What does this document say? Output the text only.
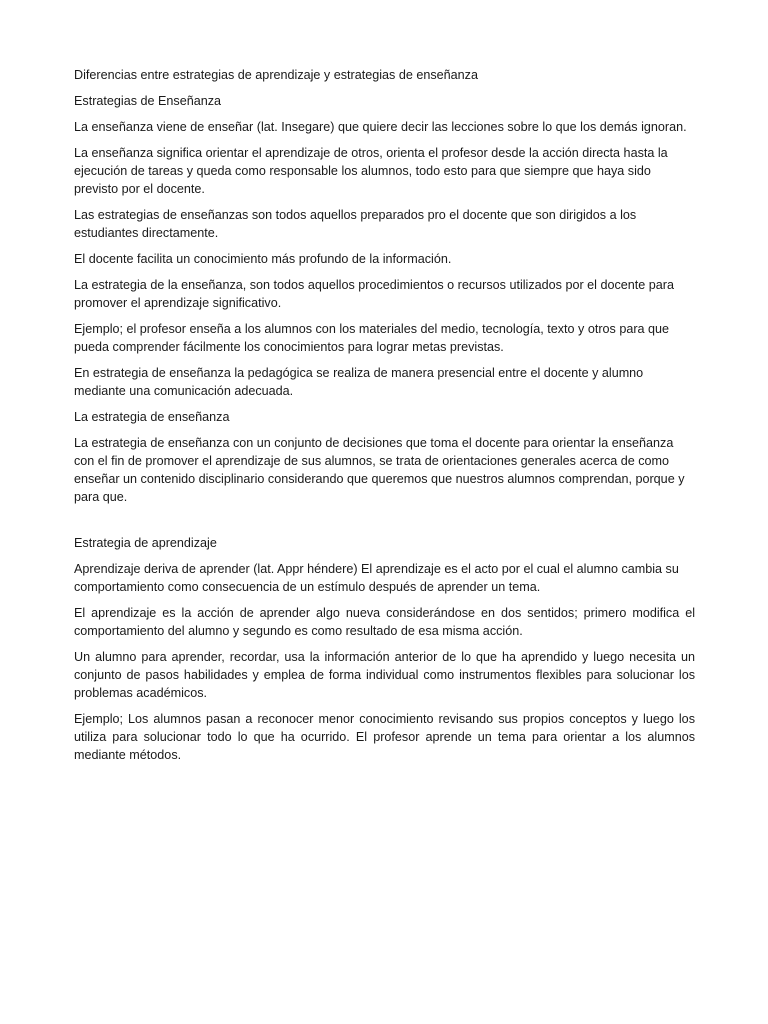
Diferencias entre estrategias de aprendizaje y estrategias de enseñanza

Estrategias de Enseñanza

La enseñanza viene de enseñar (lat. Insegare) que quiere decir las lecciones sobre lo que los demás ignoran.

La enseñanza significa orientar el aprendizaje de otros, orienta el profesor desde la acción directa hasta la ejecución de tareas y queda como responsable los alumnos, todo esto para que siempre que haya sido previsto por el docente.

Las estrategias de enseñanzas son todos aquellos preparados pro el docente que son dirigidos a los estudiantes directamente.

El docente facilita un conocimiento más profundo de la información.

La estrategia de la enseñanza, son todos aquellos procedimientos o recursos utilizados por el docente para promover el aprendizaje significativo.

Ejemplo; el profesor enseña a los alumnos con los materiales del medio, tecnología, texto y otros para que pueda comprender fácilmente los conocimientos para lograr metas previstas.

En estrategia de enseñanza la pedagógica se realiza de manera presencial entre el docente y alumno mediante una comunicación adecuada.

La estrategia de enseñanza

La estrategia de enseñanza con un conjunto de decisiones que toma el docente para orientar la enseñanza con el fin de promover el aprendizaje de sus alumnos, se trata de orientaciones generales acerca de como enseñar un contenido disciplinario considerando que queremos que nuestros alumnos comprendan, porque y para que.

Estrategia de aprendizaje

Aprendizaje deriva de aprender (lat. Appr héndere) El aprendizaje es el acto por el cual el alumno cambia su comportamiento como consecuencia de un estímulo después de aprender un tema.

El aprendizaje es la acción de aprender algo nueva considerándose en dos sentidos; primero modifica el comportamiento del alumno y segundo es como resultado de esa misma acción.

Un alumno para aprender, recordar, usa la información anterior de lo que ha aprendido y luego necesita un conjunto de pasos habilidades y emplea de forma individual como instrumentos flexibles para solucionar los problemas académicos.

Ejemplo; Los alumnos pasan a reconocer menor conocimiento revisando sus propios conceptos y luego los utiliza para solucionar todo lo que ha ocurrido. El profesor aprende un tema para orientar a los alumnos mediante métodos.
